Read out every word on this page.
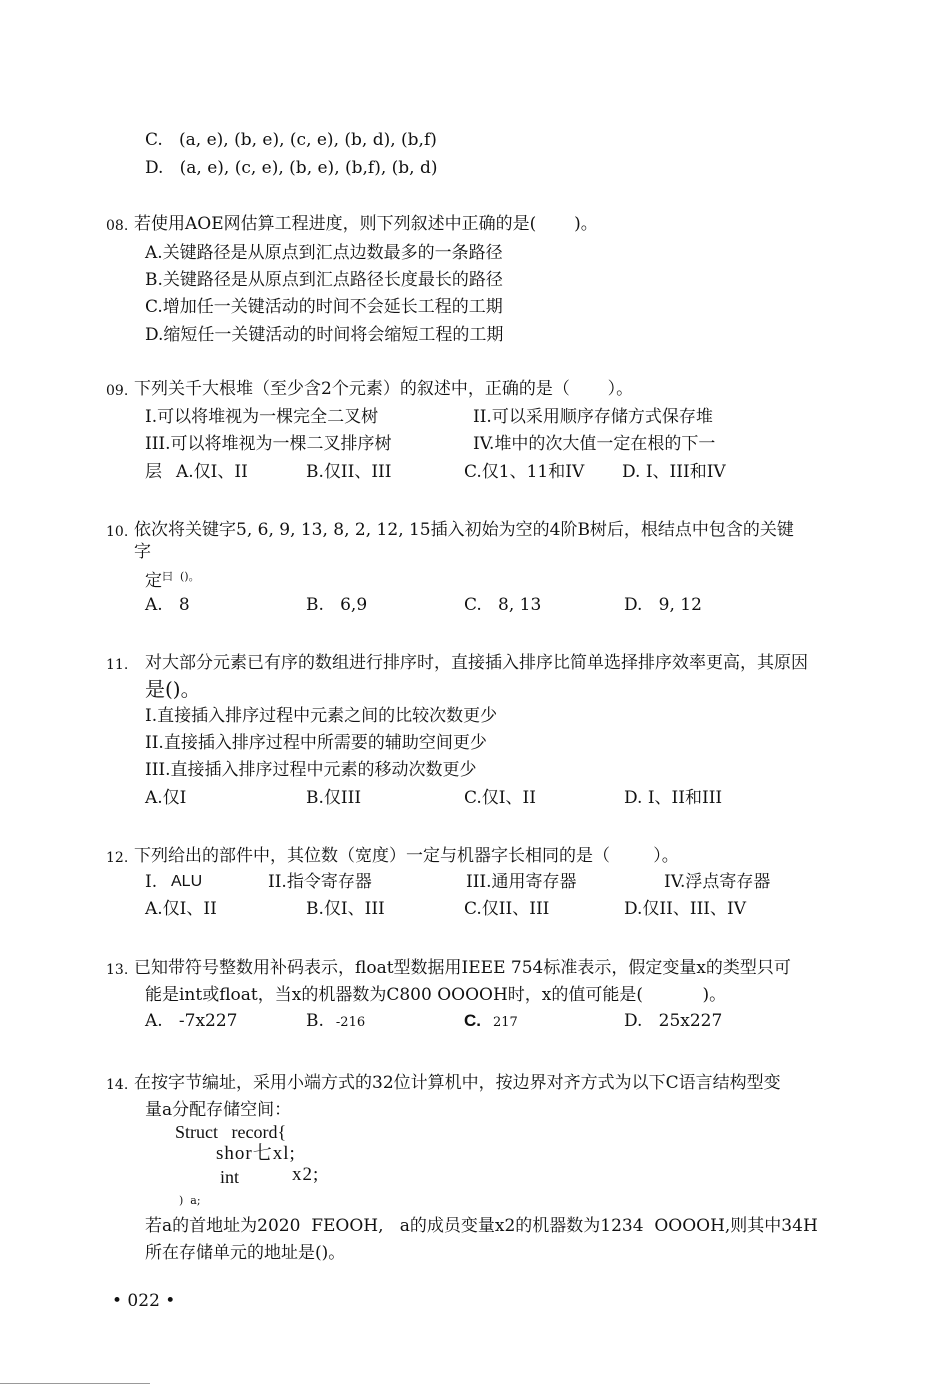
C.   (a, e), (b, e), (c, e), (b, d), (b,f)
D.   (a, e), (c, e), (b, e), (b,f), (b, d)
08. 若使用AOE网估算工程进度，则下列叙述中正确的是(       )。
A.关键路径是从原点到汇点边数最多的一条路径
B.关键路径是从原点到汇点路径长度最长的路径
C.增加任一关键活动的时间不会延长工程的工期
D.缩短任一关键活动的时间将会缩短工程的工期
09. 下列关千大根堆（至少含2个元素）的叙述中，正确的是（       ）。
I.可以将堆视为一棵完全二叉树	II.可以采用顺序存储方式保存堆
III.可以将堆视为一棵二叉排序树	IV.堆中的次大值一定在根的下一
层 A.仅I、II	B.仅II、III	C.仅1、11和IV D. I、III和IV
10. 依次将关键字5, 6, 9, 13, 8, 2, 12, 15插入初始为空的4阶B树后，根结点中包含的关键
字
定$^{曰 ()。}$
A.   8	B.   6,9	C.   8, 13	D.   9, 12
11. 对大部分元素已有序的数组进行排序时，直接插入排序比简单选择排序效率更高，其原因
是()。
I.直接插入排序过程中元素之间的比较次数更少
II.直接插入排序过程中所需要的辅助空间更少
III.直接插入排序过程中元素的移动次数更少
A.仅I	B.仅III	C.仅I、II	D. I、II和III
12. 下列给出的部件中，其位数（宽度）一定与机器字长相同的是（        ）。
I. ALU	II.指令寄存器	III.通用寄存器	IV.浮点寄存器
A.仅I、II	B.仅I、III	C.仅II、III	D.仅II、III、IV
13. 已知带符号整数用补码表示，float型数据用IEEE 754标准表示，假定变量x的类型只可
能是int或float，当x的机器数为C800 OOOOH时，x的值可能是(           )。
A.   -7x227	B. -216	C. 217	D.   25x227
14. 在按字节编址，采用小端方式的32位计算机中，按边界对齐方式为以下C语言结构型变
量a分配存储空间：
Struct   record{
shor七xl;
int	x2;
)  a;
若a的首地址为2020  FEOOH,   a的成员变量x2的机器数为1234  OOOOH,则其中34H
所在存储单元的地址是()。
• 022 •
